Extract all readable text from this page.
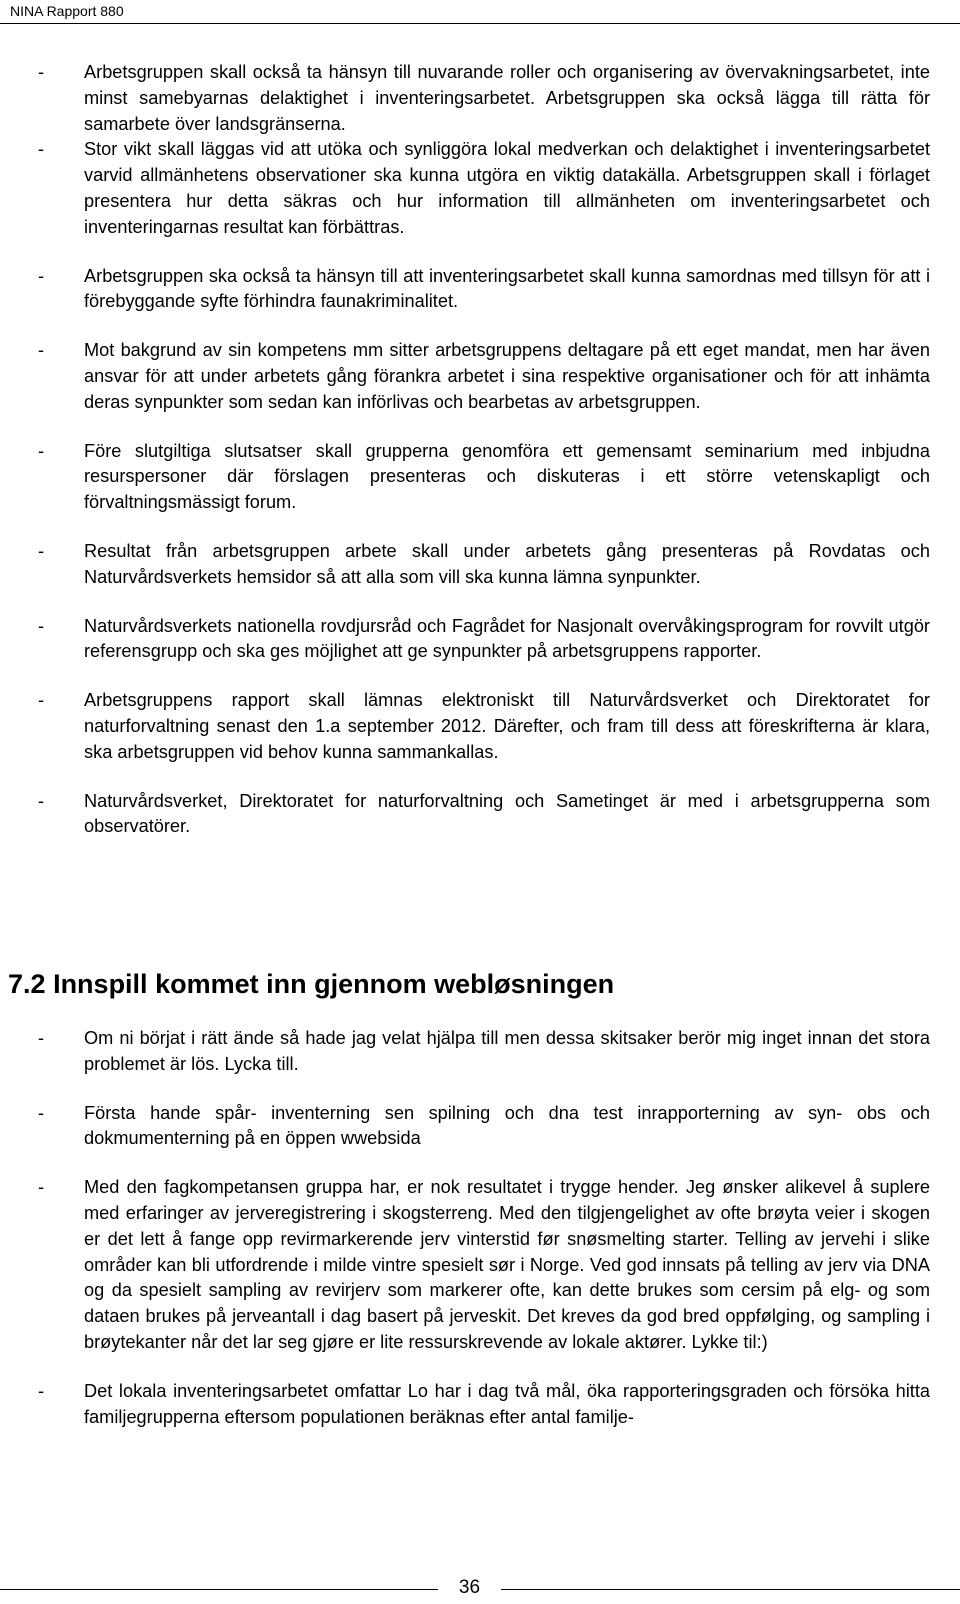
NINA Rapport 880
- Arbetsgruppen skall också ta hänsyn till nuvarande roller och organisering av övervakningsarbetet, inte minst samebyarnas delaktighet i inventeringsarbetet. Arbetsgruppen ska också lägga till rätta för samarbete över landsgränserna.
- Stor vikt skall läggas vid att utöka och synliggöra lokal medverkan och delaktighet i inventeringsarbetet varvid allmänhetens observationer ska kunna utgöra en viktig datakälla. Arbetsgruppen skall i förlaget presentera hur detta säkras och hur information till allmänheten om inventeringsarbetet och inventeringarnas resultat kan förbättras.
- Arbetsgruppen ska också ta hänsyn till att inventeringsarbetet skall kunna samordnas med tillsyn för att i förebyggande syfte förhindra faunakriminalitet.
- Mot bakgrund av sin kompetens mm sitter arbetsgruppens deltagare på ett eget mandat, men har även ansvar för att under arbetets gång förankra arbetet i sina respektive organisationer och för att inhämta deras synpunkter som sedan kan införlivas och bearbetas av arbetsgruppen.
- Före slutgiltiga slutsatser skall grupperna genomföra ett gemensamt seminarium med inbjudna resurspersoner där förslagen presenteras och diskuteras i ett större vetenskapligt och förvaltningsmässigt forum.
- Resultat från arbetsgruppen arbete skall under arbetets gång presenteras på Rovdatas och Naturvårdsverkets hemsidor så att alla som vill ska kunna lämna synpunkter.
- Naturvårdsverkets nationella rovdjursråd och Fagrådet for Nasjonalt overvåkingsprogram for rovvilt utgör referensgrupp och ska ges möjlighet att ge synpunkter på arbetsgruppens rapporter.
- Arbetsgruppens rapport skall lämnas elektroniskt till Naturvårdsverket och Direktoratet for naturforvaltning senast den 1.a september 2012. Därefter, och fram till dess att föreskrifterna är klara, ska arbetsgruppen vid behov kunna sammankallas.
- Naturvårdsverket, Direktoratet for naturforvaltning och Sametinget är med i arbetsgrupperna som observatörer.
7.2 Innspill kommet inn gjennom webløsningen
- Om ni börjat i rätt ände så hade jag velat hjälpa till men dessa skitsaker berör mig inget innan det stora problemet är lös. Lycka till.
- Första hande spår- inventerning sen spilning och dna test inrapporterning av syn- obs och dokmumenterning på en öppen wwebsida
- Med den fagkompetansen gruppa har, er nok resultatet i trygge hender. Jeg ønsker alikevel å suplere med erfaringer av jerveregistrering i skogsterreng. Med den tilgjengelighet av ofte brøyta veier i skogen er det lett å fange opp revirmarkerende jerv vinterstid før snøsmelting starter. Telling av jervehi i slike områder kan bli utfordrende i milde vintre spesielt sør i Norge. Ved god innsats på telling av jerv via DNA og da spesielt sampling av revirjerv som markerer ofte, kan dette brukes som cersim på elg- og som dataen brukes på jerveantall i dag basert på jerveskit. Det kreves da god bred oppfølging, og sampling i brøytekanter når det lar seg gjøre er lite ressurskrevende av lokale aktører. Lykke til:)
- Det lokala inventeringsarbetet omfattar Lo har i dag två mål, öka rapporteringsgraden och försöka hitta familjegrupperna eftersom populationen beräknas efter antal familje-
36
